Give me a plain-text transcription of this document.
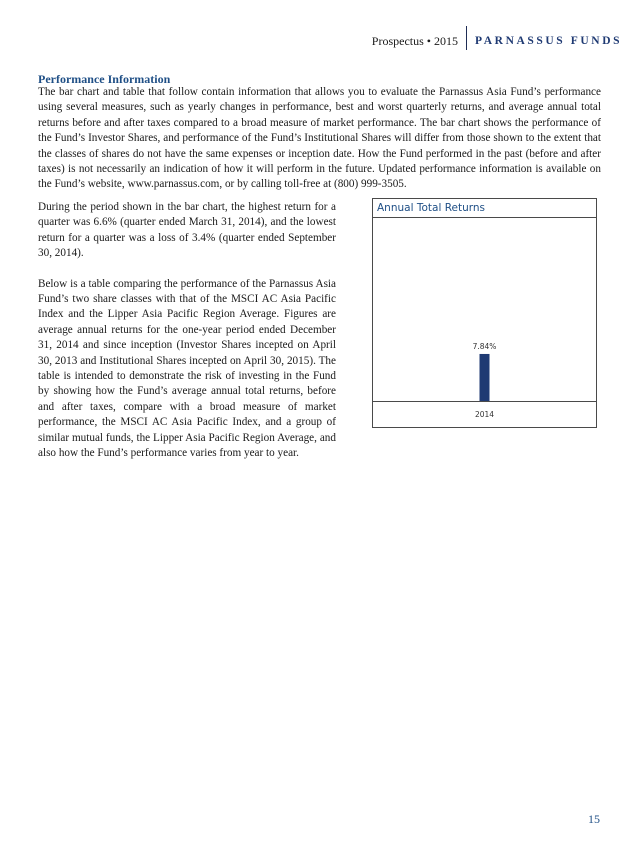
Prospectus • 2015 PARNASSUS FUNDS
Performance Information

The bar chart and table that follow contain information that allows you to evaluate the Parnassus Asia Fund’s performance using several measures, such as yearly changes in performance, best and worst quarterly returns, and average annual total returns before and after taxes compared to a broad measure of market performance. The bar chart shows the performance of the Fund’s Investor Shares, and performance of the Fund’s Institutional Shares will differ from those shown to the extent that the classes of shares do not have the same expenses or inception date. How the Fund performed in the past (before and after taxes) is not necessarily an indication of how it will perform in the future. Updated performance information is available on the Fund’s website, www.parnassus.com, or by calling toll-free at (800) 999-3505.

During the period shown in the bar chart, the highest return for a quarter was 6.6% (quarter ended March 31, 2014), and the lowest return for a quarter was a loss of 3.4% (quarter ended September 30, 2014).

Below is a table comparing the performance of the Parnassus Asia Fund’s two share classes with that of the MSCI AC Asia Pacific Index and the Lipper Asia Pacific Region Average. Figures are average annual returns for the one-year period ended December 31, 2014 and since inception (Investor Shares incepted on April 30, 2013 and Institutional Shares incepted on April 30, 2015). The table is intended to demonstrate the risk of investing in the Fund by showing how the Fund’s average annual total returns, before and after taxes, compare with a broad measure of market performance, the MSCI AC Asia Pacific Index, and a group of similar mutual funds, the Lipper Asia Pacific Region Average, and also how the Fund’s performance varies from year to year.

Annual Total Returns
7.84%
2014
15
